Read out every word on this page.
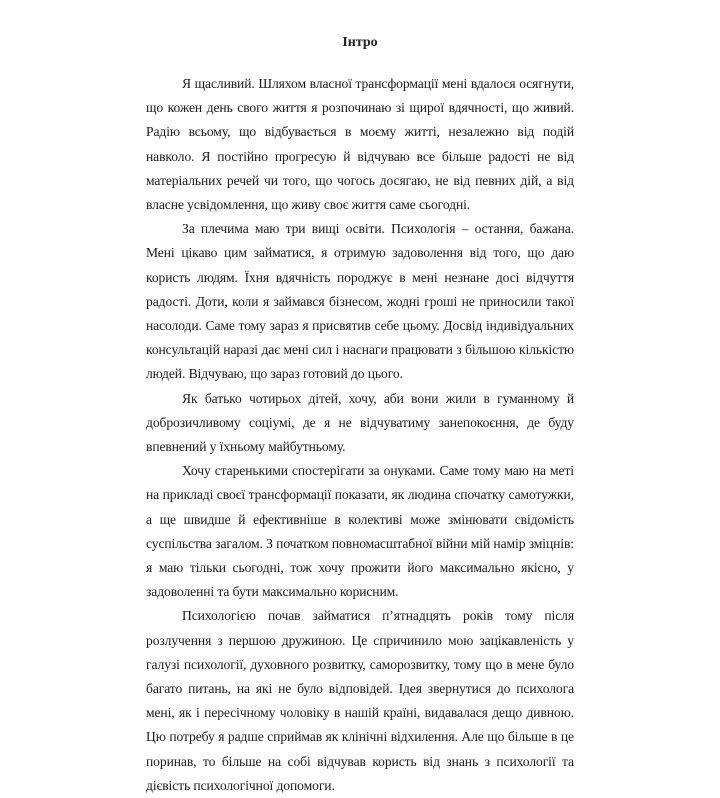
Інтро

Я щасливий. Шляхом власної трансформації мені вдалося осягнути, що кожен день свого життя я розпочинаю зі щирої вдячності, що живий. Радію всьому, що відбувається в моєму житті, незалежно від подій навколо. Я постійно прогресую й відчуваю все більше радості не від матеріальних речей чи того, що чогось досягаю, не від певних дій, а від власне усвідомлення, що живу своє життя саме сьогодні.

За плечима маю три вищі освіти. Психологія – остання, бажана. Мені цікаво цим займатися, я отримую задоволення від того, що даю користь людям. Їхня вдячність породжує в мені незнане досі відчуття радості. Доти, коли я займався бізнесом, жодні гроші не приносили такої насолоди. Саме тому зараз я присвятив себе цьому. Досвід індивідуальних консультацій наразі дає мені сил і наснаги працювати з більшою кількістю людей. Відчуваю, що зараз готовий до цього.

Як батько чотирьох дітей, хочу, аби вони жили в гуманному й доброзичливому соціумі, де я не відчуватиму занепокоєння, де буду впевнений у їхньому майбутньому.

Хочу старенькими спостерігати за онуками. Саме тому маю на меті на прикладі своєї трансформації показати, як людина спочатку самотужки, а ще швидше й ефективніше в колективі може змінювати свідомість суспільства загалом. З початком повномасштабної війни мій намір зміцнів: я маю тільки сьогодні, тож хочу прожити його максимально якісно, у задоволенні та бути максимально корисним.

Психологією почав займатися п’ятнадцять років тому після розлучення з першою дружиною. Це спричинило мою зацікавленість у галузі психології, духовного розвитку, саморозвитку, тому що в мене було багато питань, на які не було відповідей. Ідея звернутися до психолога мені, як і пересічному чоловіку в нашій країні, видавалася дещо дивною. Цю потребу я радше сприймав як клінічні відхилення. Але що більше в це поринав, то більше на собі відчував користь від знань з психології та дієвість психологічної допомоги.
